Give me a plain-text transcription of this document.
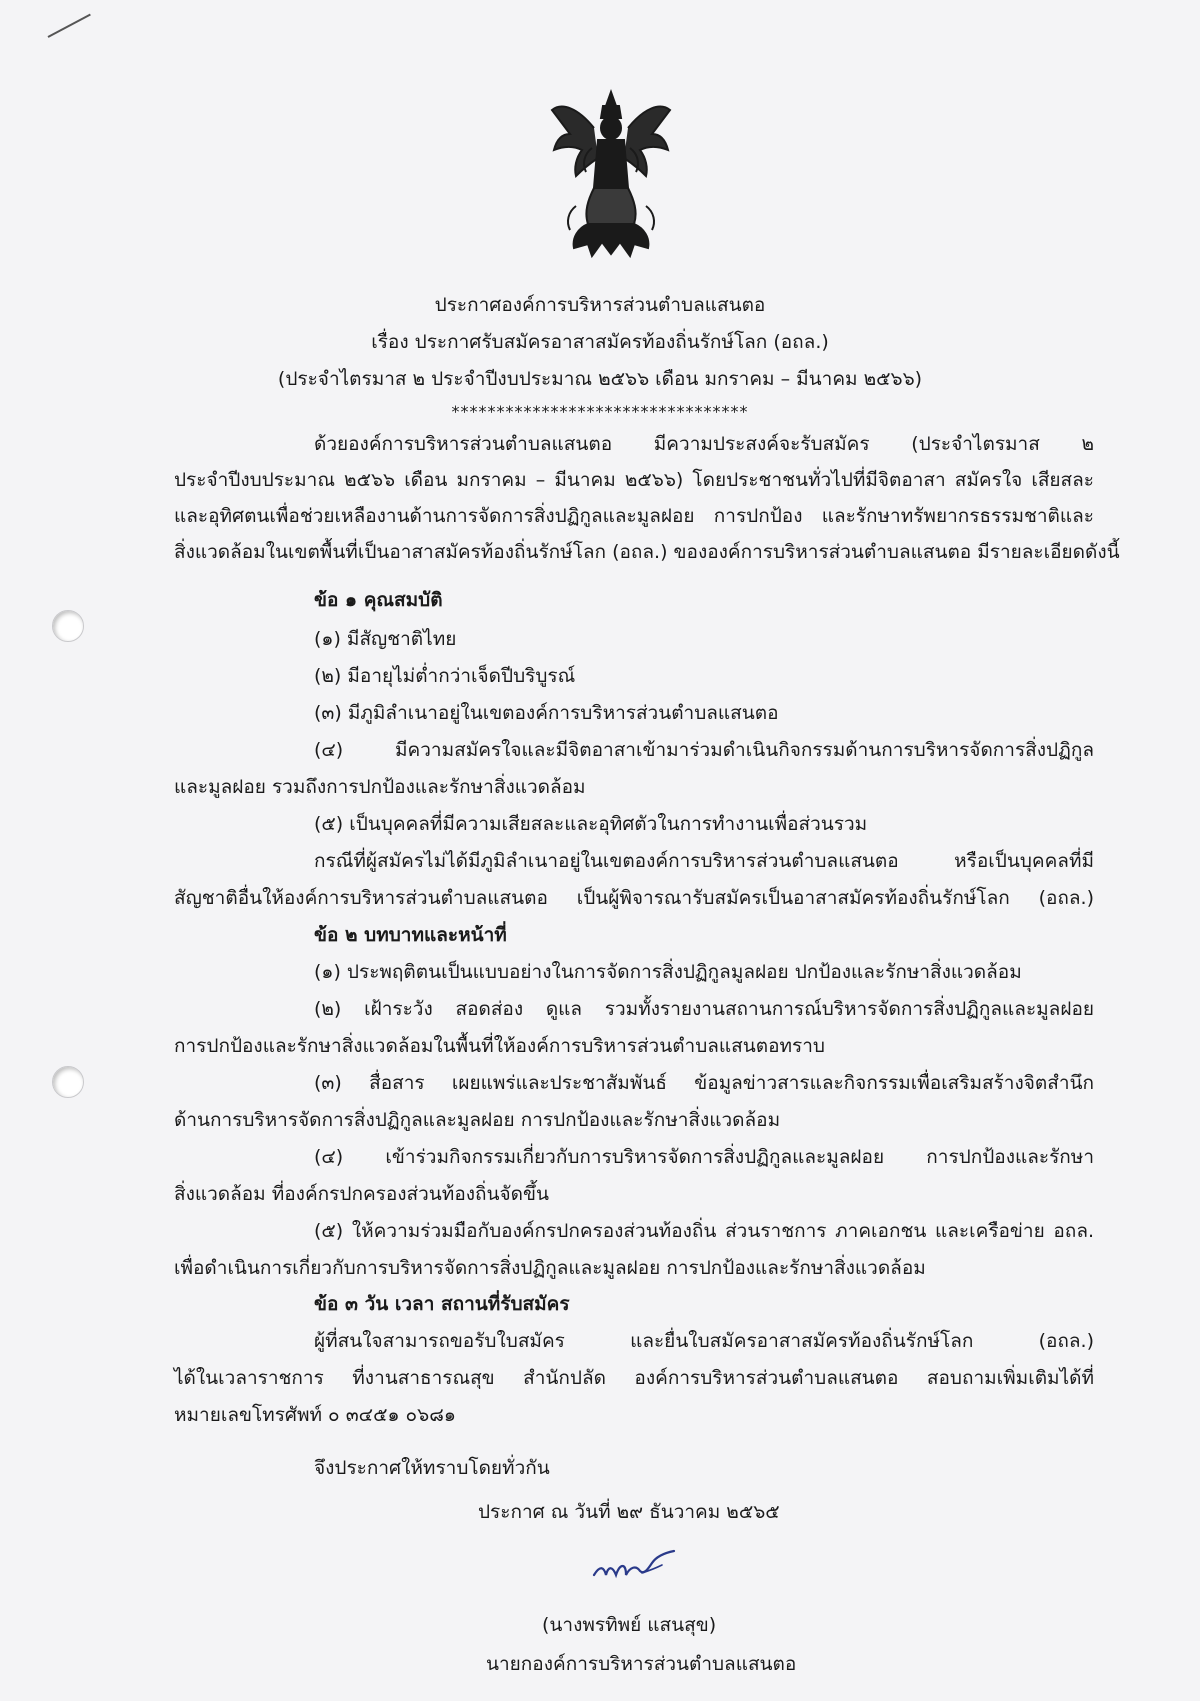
ประกาศองค์การบริหารส่วนตำบลแสนตอ
เรื่อง ประกาศรับสมัครอาสาสมัครท้องถิ่นรักษ์โลก (อถล.)
(ประจำไตรมาส ๒ ประจำปีงบประมาณ ๒๕๖๖ เดือน มกราคม – มีนาคม ๒๕๖๖)
*********************************
ด้วยองค์การบริหารส่วนตำบลแสนตอ มีความประสงค์จะรับสมัคร (ประจำไตรมาส ๒
ประจำปีงบประมาณ ๒๕๖๖ เดือน มกราคม – มีนาคม ๒๕๖๖) โดยประชาชนทั่วไปที่มีจิตอาสา สมัครใจ เสียสละ
และอุทิศตนเพื่อช่วยเหลืองานด้านการจัดการสิ่งปฏิกูลและมูลฝอย การปกป้อง และรักษาทรัพยากรธรรมชาติและ
สิ่งแวดล้อมในเขตพื้นที่เป็นอาสาสมัครท้องถิ่นรักษ์โลก (อถล.) ขององค์การบริหารส่วนตำบลแสนตอ มีรายละเอียดดังนี้
ข้อ ๑ คุณสมบัติ
(๑) มีสัญชาติไทย
(๒) มีอายุไม่ต่ำกว่าเจ็ดปีบริบูรณ์
(๓) มีภูมิลำเนาอยู่ในเขตองค์การบริหารส่วนตำบลแสนตอ
(๔) มีความสมัครใจและมีจิตอาสาเข้ามาร่วมดำเนินกิจกรรมด้านการบริหารจัดการสิ่งปฏิกูล
และมูลฝอย รวมถึงการปกป้องและรักษาสิ่งแวดล้อม
(๕) เป็นบุคคลที่มีความเสียสละและอุทิศตัวในการทำงานเพื่อส่วนรวม
กรณีที่ผู้สมัครไม่ได้มีภูมิลำเนาอยู่ในเขตองค์การบริหารส่วนตำบลแสนตอ หรือเป็นบุคคลที่มี
สัญชาติอื่นให้องค์การบริหารส่วนตำบลแสนตอ เป็นผู้พิจารณารับสมัครเป็นอาสาสมัครท้องถิ่นรักษ์โลก (อถล.)
ข้อ ๒ บทบาทและหน้าที่
(๑) ประพฤติตนเป็นแบบอย่างในการจัดการสิ่งปฏิกูลมูลฝอย ปกป้องและรักษาสิ่งแวดล้อม
(๒) เฝ้าระวัง สอดส่อง ดูแล รวมทั้งรายงานสถานการณ์บริหารจัดการสิ่งปฏิกูลและมูลฝอย
การปกป้องและรักษาสิ่งแวดล้อมในพื้นที่ให้องค์การบริหารส่วนตำบลแสนตอทราบ
(๓) สื่อสาร เผยแพร่และประชาสัมพันธ์ ข้อมูลข่าวสารและกิจกรรมเพื่อเสริมสร้างจิตสำนึก
ด้านการบริหารจัดการสิ่งปฏิกูลและมูลฝอย การปกป้องและรักษาสิ่งแวดล้อม
(๔) เข้าร่วมกิจกรรมเกี่ยวกับการบริหารจัดการสิ่งปฏิกูลและมูลฝอย การปกป้องและรักษา
สิ่งแวดล้อม ที่องค์กรปกครองส่วนท้องถิ่นจัดขึ้น
(๕) ให้ความร่วมมือกับองค์กรปกครองส่วนท้องถิ่น ส่วนราชการ ภาคเอกชน และเครือข่าย อถล.
เพื่อดำเนินการเกี่ยวกับการบริหารจัดการสิ่งปฏิกูลและมูลฝอย การปกป้องและรักษาสิ่งแวดล้อม
ข้อ ๓ วัน เวลา สถานที่รับสมัคร
ผู้ที่สนใจสามารถขอรับใบสมัคร และยื่นใบสมัครอาสาสมัครท้องถิ่นรักษ์โลก (อถล.)
ได้ในเวลาราชการ ที่งานสาธารณสุข สำนักปลัด องค์การบริหารส่วนตำบลแสนตอ สอบถามเพิ่มเติมได้ที่
หมายเลขโทรศัพท์ ๐ ๓๔๕๑ ๐๖๘๑
จึงประกาศให้ทราบโดยทั่วกัน
ประกาศ ณ วันที่ ๒๙ ธันวาคม ๒๕๖๕
(นางพรทิพย์ แสนสุข)
นายกองค์การบริหารส่วนตำบลแสนตอ
